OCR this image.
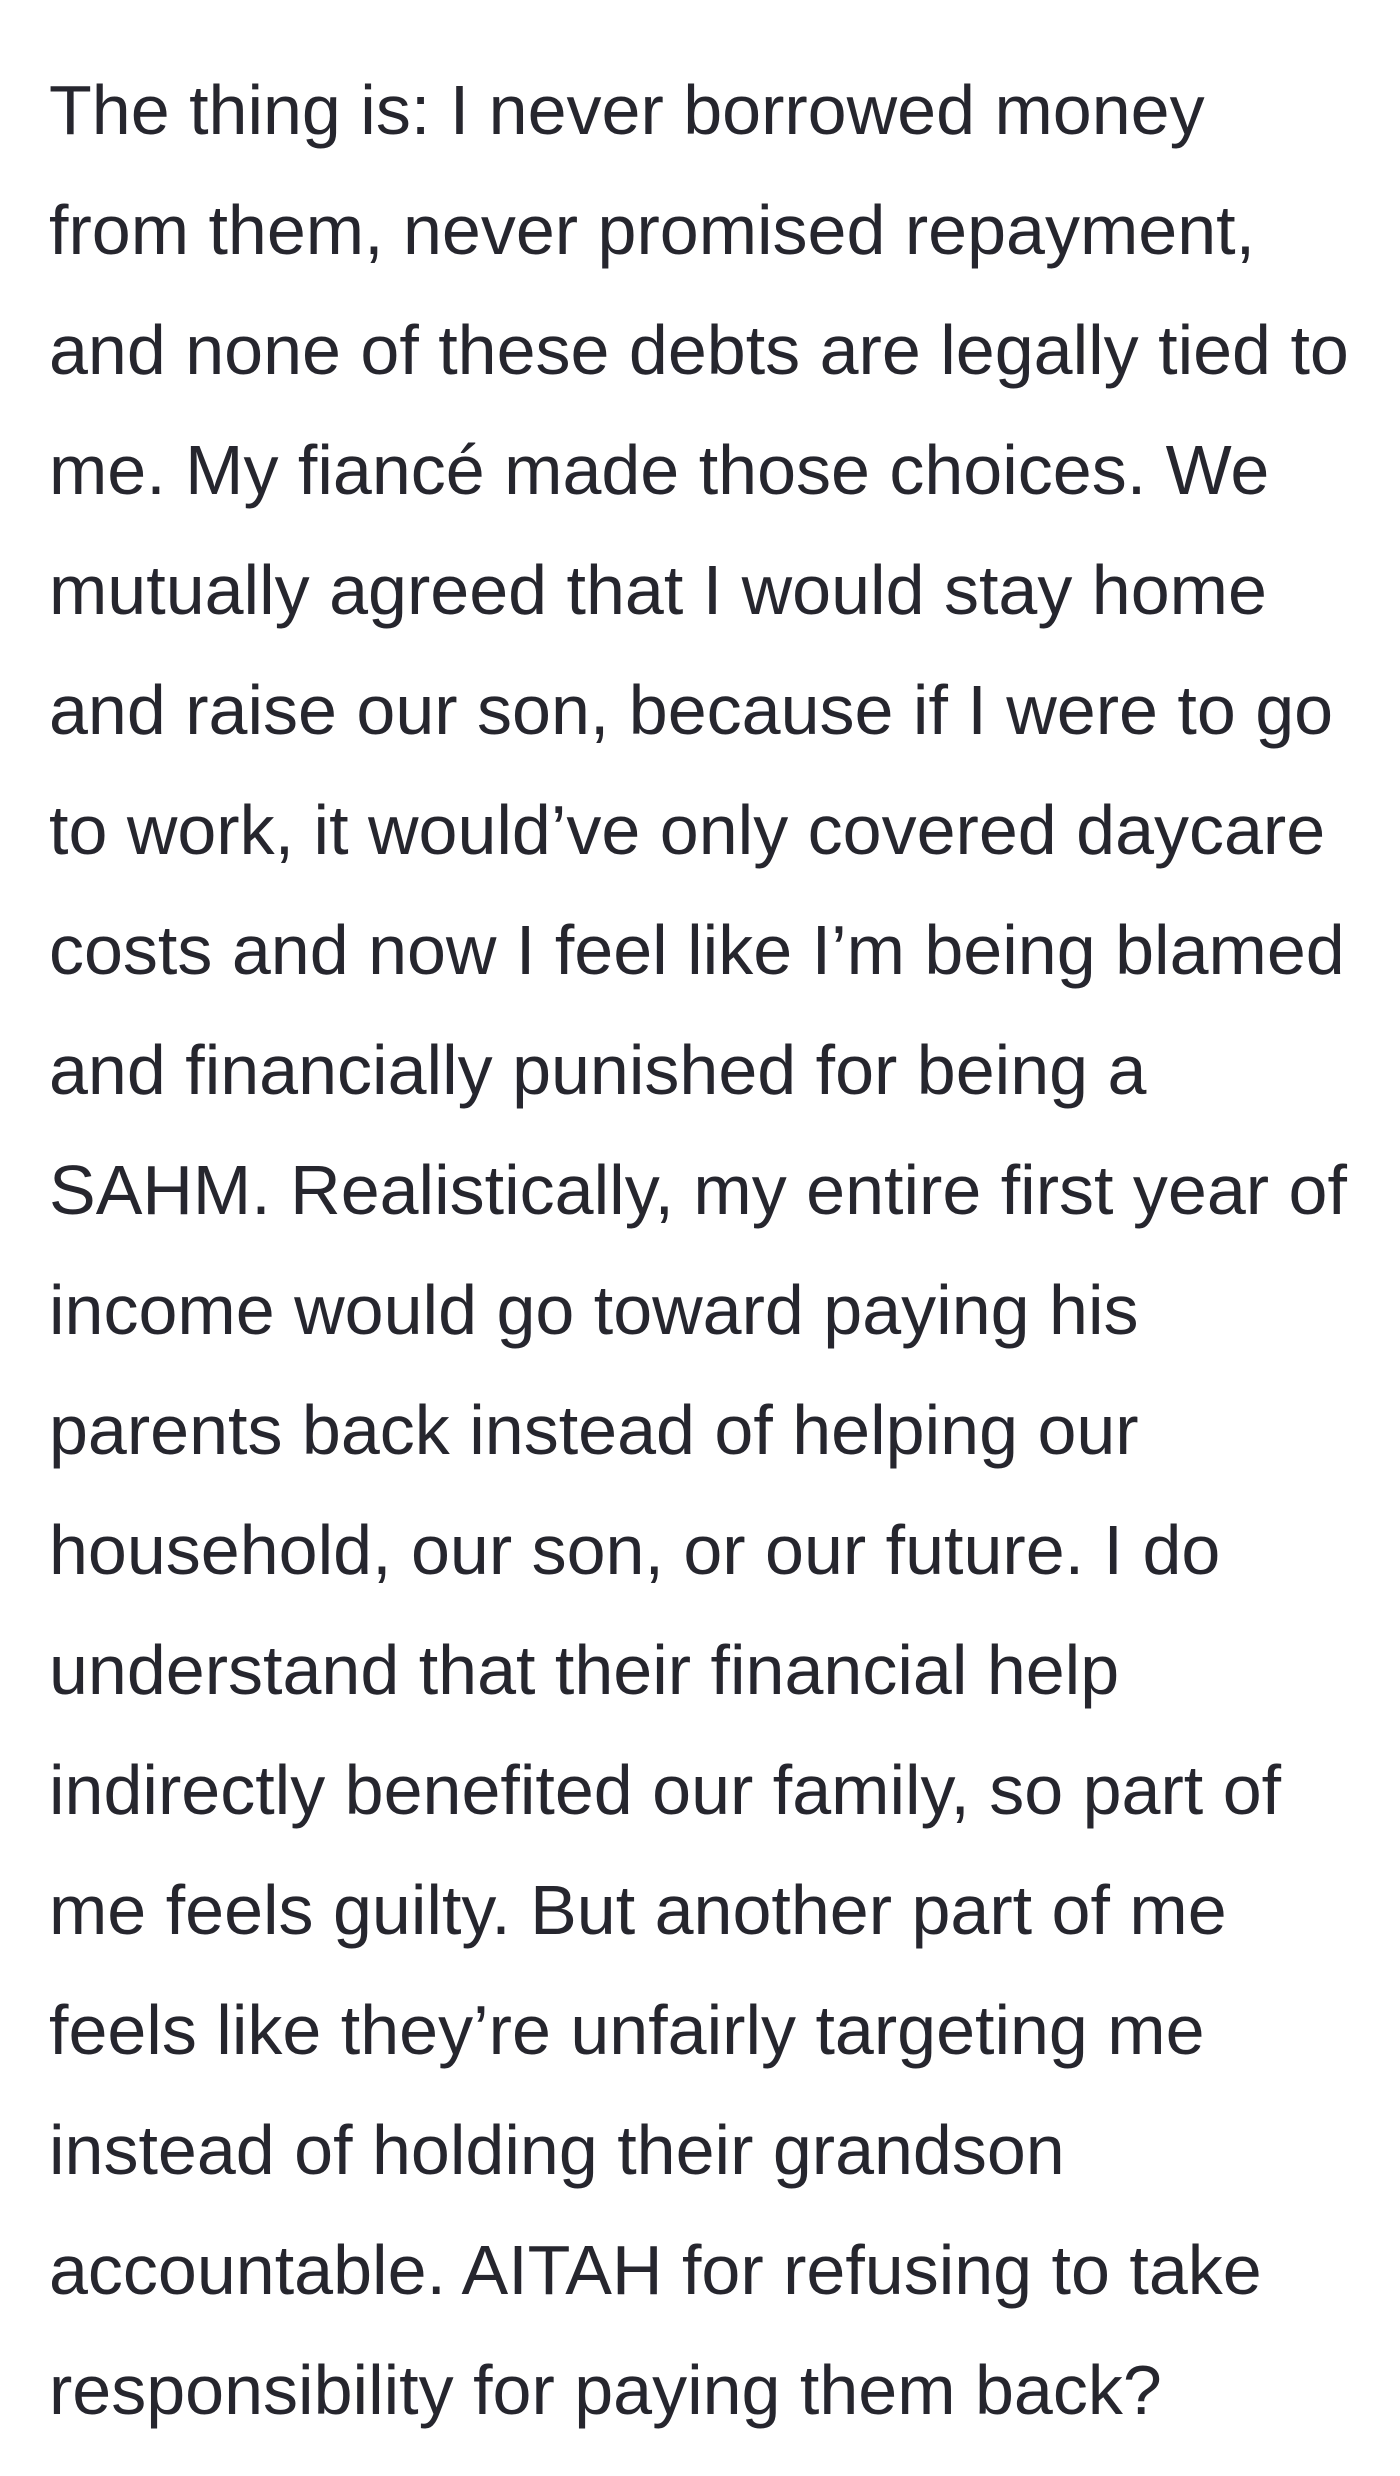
The thing is: I never borrowed money from them, never promised repayment, and none of these debts are legally tied to me. My fiancé made those choices. We mutually agreed that I would stay home and raise our son, because if I were to go to work, it would’ve only covered daycare costs and now I feel like I’m being blamed and financially punished for being a SAHM. Realistically, my entire first year of income would go toward paying his parents back instead of helping our household, our son, or our future. I do understand that their financial help indirectly benefited our family, so part of me feels guilty. But another part of me feels like they’re unfairly targeting me instead of holding their grandson accountable. AITAH for refusing to take responsibility for paying them back?
